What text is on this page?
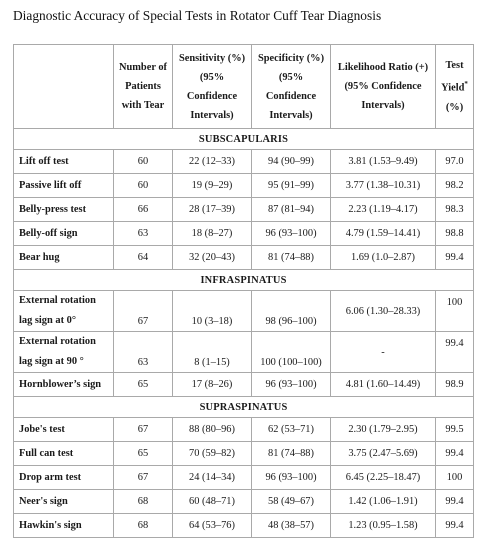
Diagnostic Accuracy of Special Tests in Rotator Cuff Tear Diagnosis
	Number of
Patients
with Tear	Sensitivity (%)
(95%
Confidence
Intervals)	Specificity (%)
(95%
Confidence
Intervals)	Likelihood Ratio (+)
(95% Confidence
Intervals)	Test
Yield*
(%)
SUBSCAPULARIS					
Lift off test	60	22 (12–33)	94 (90–99)	3.81 (1.53–9.49)	97.0
Passive lift off	60	19 (9–29)	95 (91–99)	3.77 (1.38–10.31)	98.2
Belly-press test	66	28 (17–39)	87 (81–94)	2.23 (1.19–4.17)	98.3
Belly-off sign	63	18 (8–27)	96 (93–100)	4.79 (1.59–14.41)	98.8
Bear hug	64	32 (20–43)	81 (74–88)	1.69 (1.0–2.87)	99.4
INFRASPINATUS					
External rotation
lag sign at 0°	67	10 (3–18)	98 (96–100)	6.06 (1.30–28.33)	100
External rotation
lag sign at 90 °	63	8 (1–15)	100 (100–100)	-	99.4
Hornblower’s sign	65	17 (8–26)	96 (93–100)	4.81 (1.60–14.49)	98.9
SUPRASPINATUS					
Jobe's test	67	88 (80–96)	62 (53–71)	2.30 (1.79–2.95)	99.5
Full can test	65	70 (59–82)	81 (74–88)	3.75 (2.47–5.69)	99.4
Drop arm test	67	24 (14–34)	96 (93–100)	6.45 (2.25–18.47)	100
Neer's sign	68	60 (48–71)	58 (49–67)	1.42 (1.06–1.91)	99.4
Hawkin's sign	68	64 (53–76)	48 (38–57)	1.23 (0.95–1.58)	99.4
